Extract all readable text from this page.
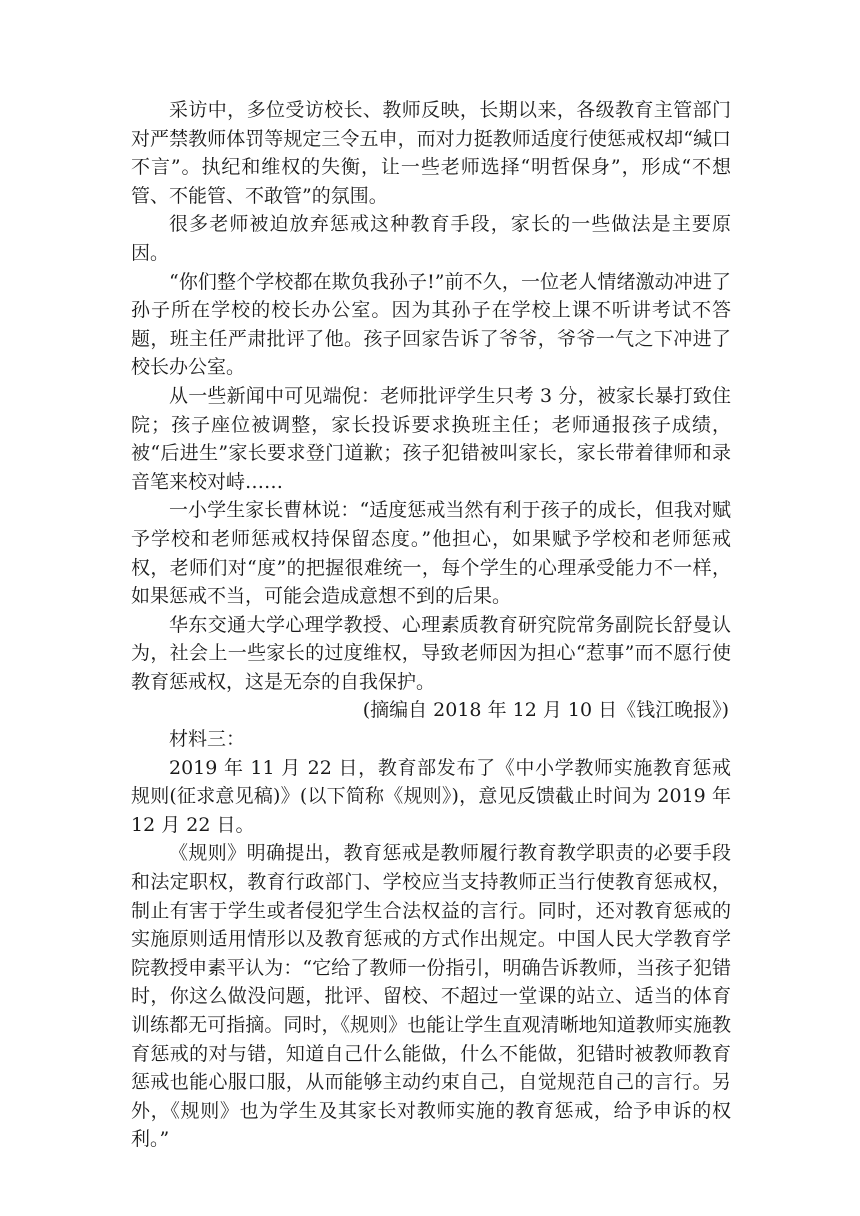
采访中，多位受访校长、教师反映，长期以来，各级教育主管部门对严禁教师体罚等规定三令五申，而对力挺教师适度行使惩戒权却“缄口不言”。执纪和维权的失衡，让一些老师选择“明哲保身”，形成“不想管、不能管、不敢管”的氛围。

很多老师被迫放弃惩戒这种教育手段，家长的一些做法是主要原因。

“你们整个学校都在欺负我孙子!”前不久，一位老人情绪激动冲进了孙子所在学校的校长办公室。因为其孙子在学校上课不听讲考试不答题，班主任严肃批评了他。孩子回家告诉了爷爷，爷爷一气之下冲进了校长办公室。

从一些新闻中可见端倪：老师批评学生只考 3 分，被家长暴打致住院；孩子座位被调整，家长投诉要求换班主任；老师通报孩子成绩，被“后进生”家长要求登门道歉；孩子犯错被叫家长，家长带着律师和录音笔来校对峙……

一小学生家长曹林说：“适度惩戒当然有利于孩子的成长，但我对赋予学校和老师惩戒权持保留态度。”他担心，如果赋予学校和老师惩戒权，老师们对“度”的把握很难统一，每个学生的心理承受能力不一样，如果惩戒不当，可能会造成意想不到的后果。

华东交通大学心理学教授、心理素质教育研究院常务副院长舒曼认为，社会上一些家长的过度维权，导致老师因为担心“惹事”而不愿行使教育惩戒权，这是无奈的自我保护。

(摘编自 2018 年 12 月 10 日《钱江晚报》)

材料三：

2019 年 11 月 22 日，教育部发布了《中小学教师实施教育惩戒规则(征求意见稿)》(以下简称《规则》)，意见反馈截止时间为 2019 年 12 月 22 日。

《规则》明确提出，教育惩戒是教师履行教育教学职责的必要手段和法定职权，教育行政部门、学校应当支持教师正当行使教育惩戒权，制止有害于学生或者侵犯学生合法权益的言行。同时，还对教育惩戒的实施原则适用情形以及教育惩戒的方式作出规定。中国人民大学教育学院教授申素平认为：“它给了教师一份指引，明确告诉教师，当孩子犯错时，你这么做没问题，批评、留校、不超过一堂课的站立、适当的体育训练都无可指摘。同时，《规则》也能让学生直观清晰地知道教师实施教育惩戒的对与错，知道自己什么能做，什么不能做，犯错时被教师教育惩戒也能心服口服，从而能够主动约束自己，自觉规范自己的言行。另外，《规则》也为学生及其家长对教师实施的教育惩戒，给予申诉的权利。”
